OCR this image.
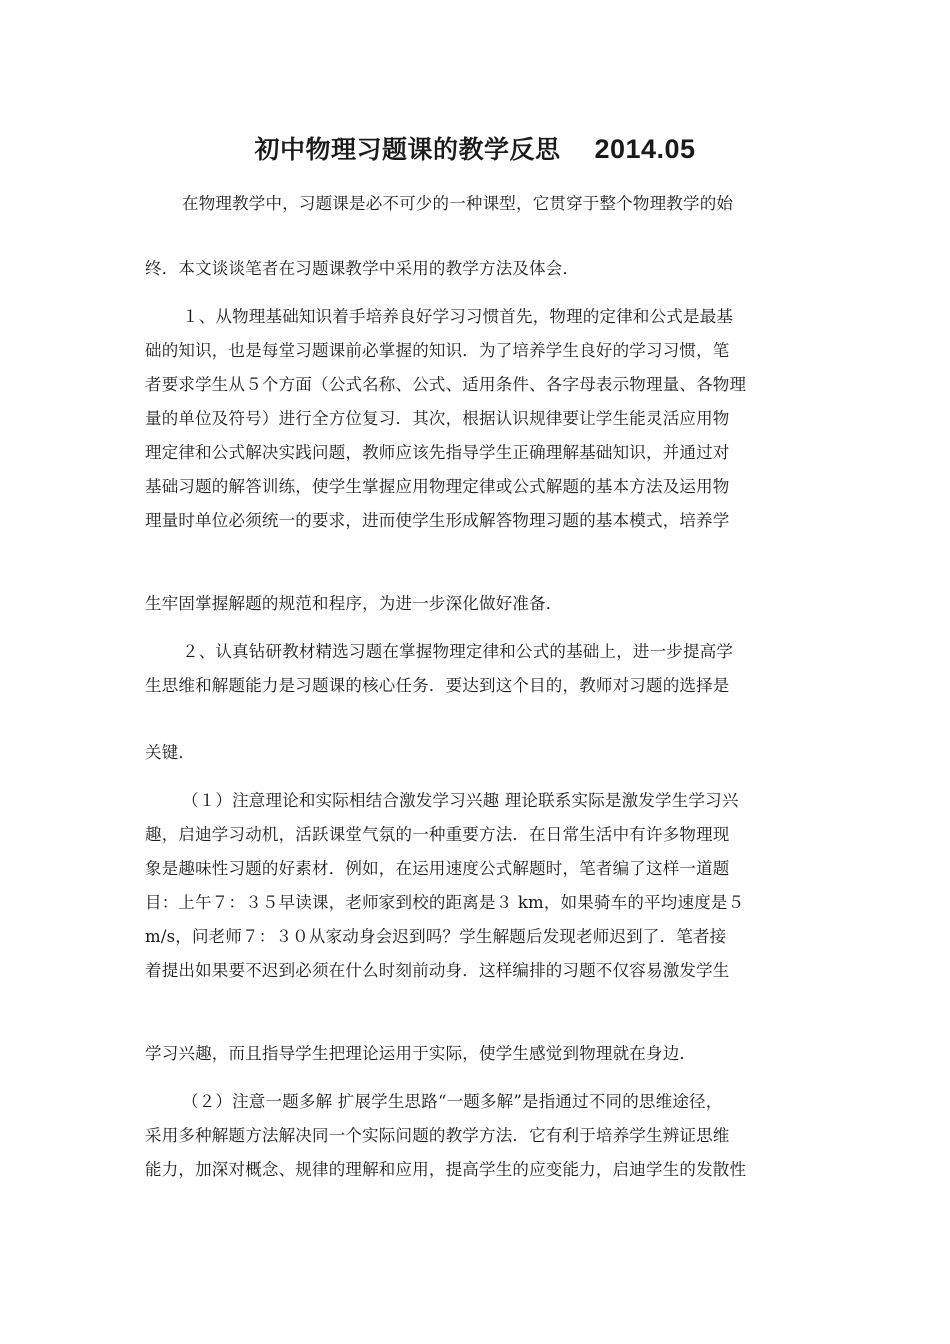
初中物理习题课的教学反思 2014.05
在物理教学中，习题课是必不可少的一种课型，它贯穿于整个物理教学的始
终．本文谈谈笔者在习题课教学中采用的教学方法及体会．
１、从物理基础知识着手培养良好学习习惯首先，物理的定律和公式是最基
础的知识，也是每堂习题课前必掌握的知识．为了培养学生良好的学习习惯，笔
者要求学生从５个方面（公式名称、公式、适用条件、各字母表示物理量、各物理
量的单位及符号）进行全方位复习．其次，根据认识规律要让学生能灵活应用物
理定律和公式解决实践问题，教师应该先指导学生正确理解基础知识，并通过对
基础习题的解答训练，使学生掌握应用物理定律或公式解题的基本方法及运用物
理量时单位必须统一的要求，进而使学生形成解答物理习题的基本模式，培养学
生牢固掌握解题的规范和程序，为进一步深化做好准备．
２、认真钻研教材精选习题在掌握物理定律和公式的基础上，进一步提高学
生思维和解题能力是习题课的核心任务．要达到这个目的，教师对习题的选择是
关键．
（１）注意理论和实际相结合激发学习兴趣 理论联系实际是激发学生学习兴
趣，启迪学习动机，活跃课堂气氛的一种重要方法．在日常生活中有许多物理现
象是趣味性习题的好素材．例如，在运用速度公式解题时，笔者编了这样一道题
目：上午７：３５早读课，老师家到校的距离是３ km，如果骑车的平均速度是５
m/s，问老师７：３０从家动身会迟到吗？学生解题后发现老师迟到了．笔者接
着提出如果要不迟到必须在什么时刻前动身．这样编排的习题不仅容易激发学生
学习兴趣，而且指导学生把理论运用于实际，使学生感觉到物理就在身边．
（２）注意一题多解 扩展学生思路“一题多解”是指通过不同的思维途径，
采用多种解题方法解决同一个实际问题的教学方法．它有利于培养学生辨证思维
能力，加深对概念、规律的理解和应用，提高学生的应变能力，启迪学生的发散性
